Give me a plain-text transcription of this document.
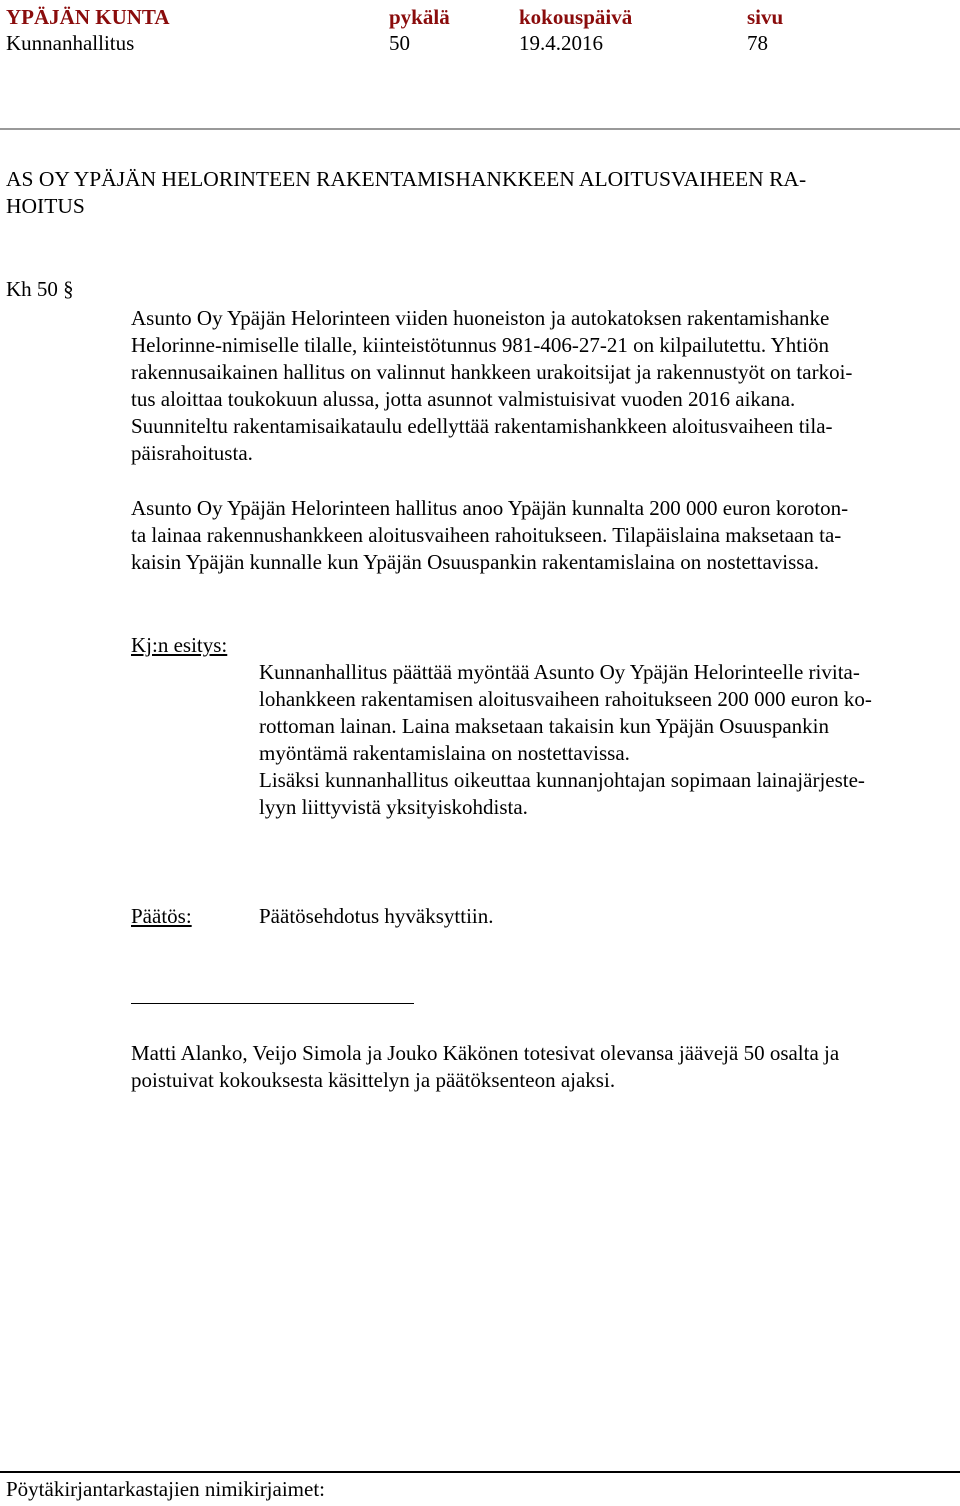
YPÄJÄN KUNTA	pykälä	kokouspäivä	sivu
Kunnanhallitus	50	19.4.2016	78
AS OY YPÄJÄN HELORINTEEN RAKENTAMISHANKKEEN ALOITUSVAIHEEN RA-
HOITUS
Kh 50 §
Asunto Oy Ypäjän Helorinteen viiden huoneiston ja autokatoksen rakentamishanke
Helorinne-nimiselle tilalle, kiinteistötunnus 981-406-27-21 on kilpailutettu. Yhtiön
rakennusaikainen hallitus on valinnut hankkeen urakoitsijat ja rakennustyöt on tarkoi-
tus aloittaa toukokuun alussa, jotta asunnot valmistuisivat vuoden 2016 aikana.
Suunniteltu rakentamisaikataulu edellyttää rakentamishankkeen aloitusvaiheen tila-
päisrahoitusta.
Asunto Oy Ypäjän Helorinteen hallitus anoo Ypäjän kunnalta 200 000 euron koroton-
ta lainaa rakennushankkeen aloitusvaiheen rahoitukseen. Tilapäislaina maksetaan ta-
kaisin Ypäjän kunnalle kun Ypäjän Osuuspankin rakentamislaina on nostettavissa.
Kj:n esitys:
Kunnanhallitus päättää myöntää Asunto Oy Ypäjän Helorinteelle rivita-
lohankkeen rakentamisen aloitusvaiheen rahoitukseen 200 000 euron ko-
rottoman lainan. Laina maksetaan takaisin kun Ypäjän Osuuspankin
myöntämä rakentamislaina on nostettavissa.
Lisäksi kunnanhallitus oikeuttaa kunnanjohtajan sopimaan lainajärjeste-
lyyn liittyvistä yksityiskohdista.
Päätös:	Päätösehdotus hyväksyttiin.
Matti Alanko, Veijo Simola ja Jouko Käkönen totesivat olevansa jäävejä 50 osalta ja
poistuivat kokouksesta käsittelyn ja päätöksenteon ajaksi.
Pöytäkirjantarkastajien nimikirjaimet:
